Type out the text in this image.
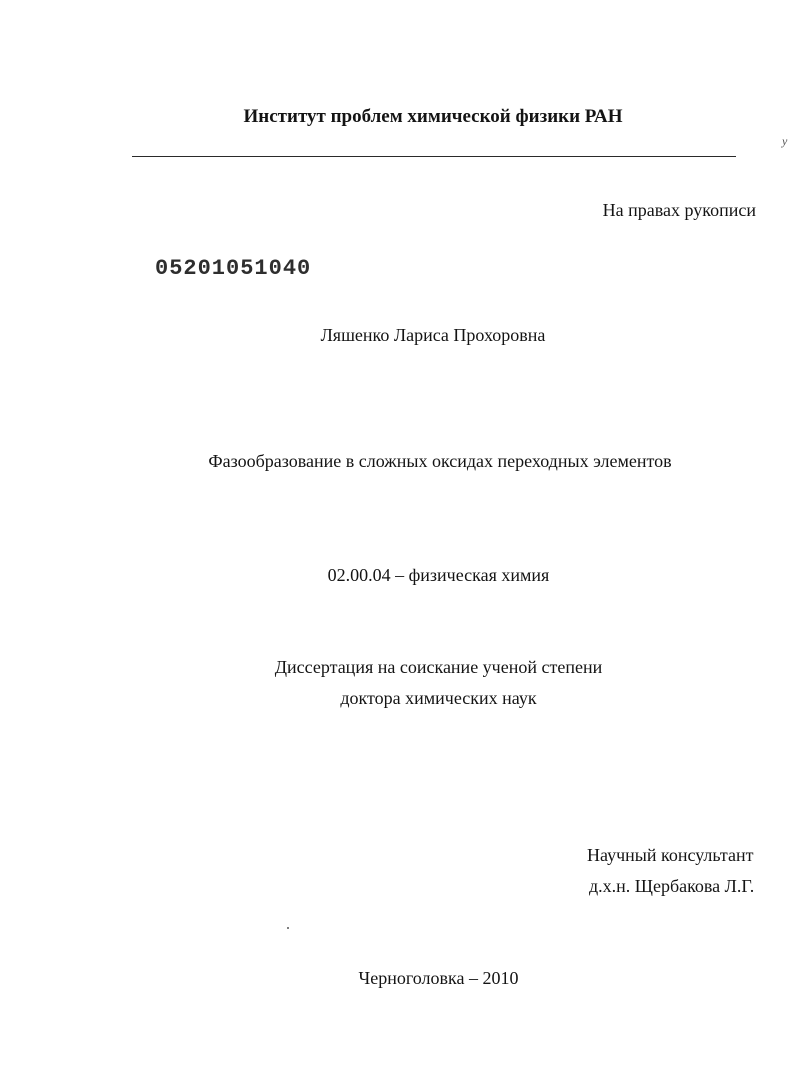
Институт проблем химической физики РАН
у
На правах рукописи
05201051040
Ляшенко Лариса Прохоровна
Фазообразование в сложных оксидах переходных элементов
02.00.04 – физическая химия
Диссертация на соискание ученой степени
доктора химических наук
Научный консультант
д.х.н. Щербакова Л.Г.
Черноголовка – 2010
